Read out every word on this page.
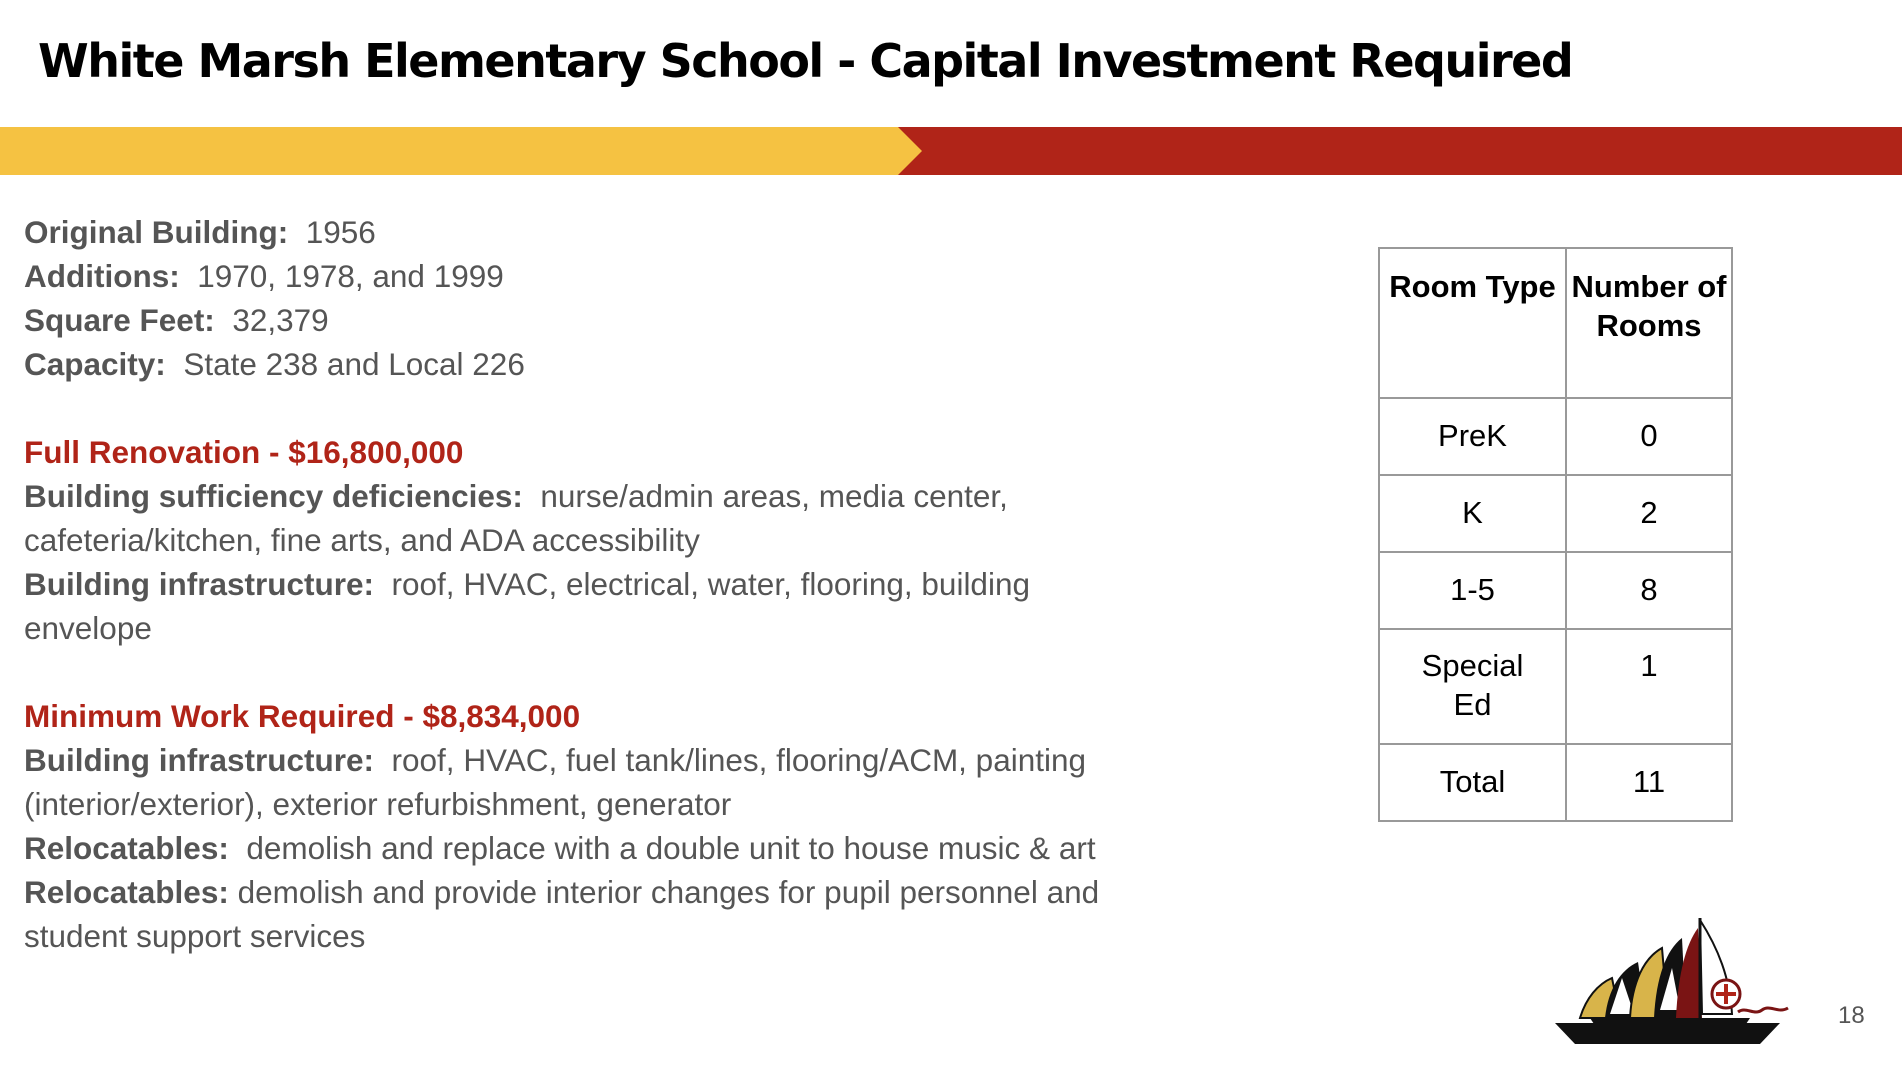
White Marsh Elementary School - Capital Investment Required

Original Building: 1956

Additions: 1970, 1978, and 1999

Square Feet: 32,379

Capacity: State 238 and Local 226

Full Renovation - $16,800,000

Building sufficiency deficiencies: nurse/admin areas, media center, cafeteria/kitchen, fine arts, and ADA accessibility

Building infrastructure: roof, HVAC, electrical, water, flooring, building envelope

Minimum Work Required - $8,834,000

Building infrastructure: roof, HVAC, fuel tank/lines, flooring/ACM, painting (interior/exterior), exterior refurbishment, generator

Relocatables: demolish and replace with a double unit to house music & art

Relocatables: demolish and provide interior changes for pupil personnel and student support services

Room Type	Number of Rooms
PreK	0
K	2
1-5	8
Special Ed	1
Total	11
18
